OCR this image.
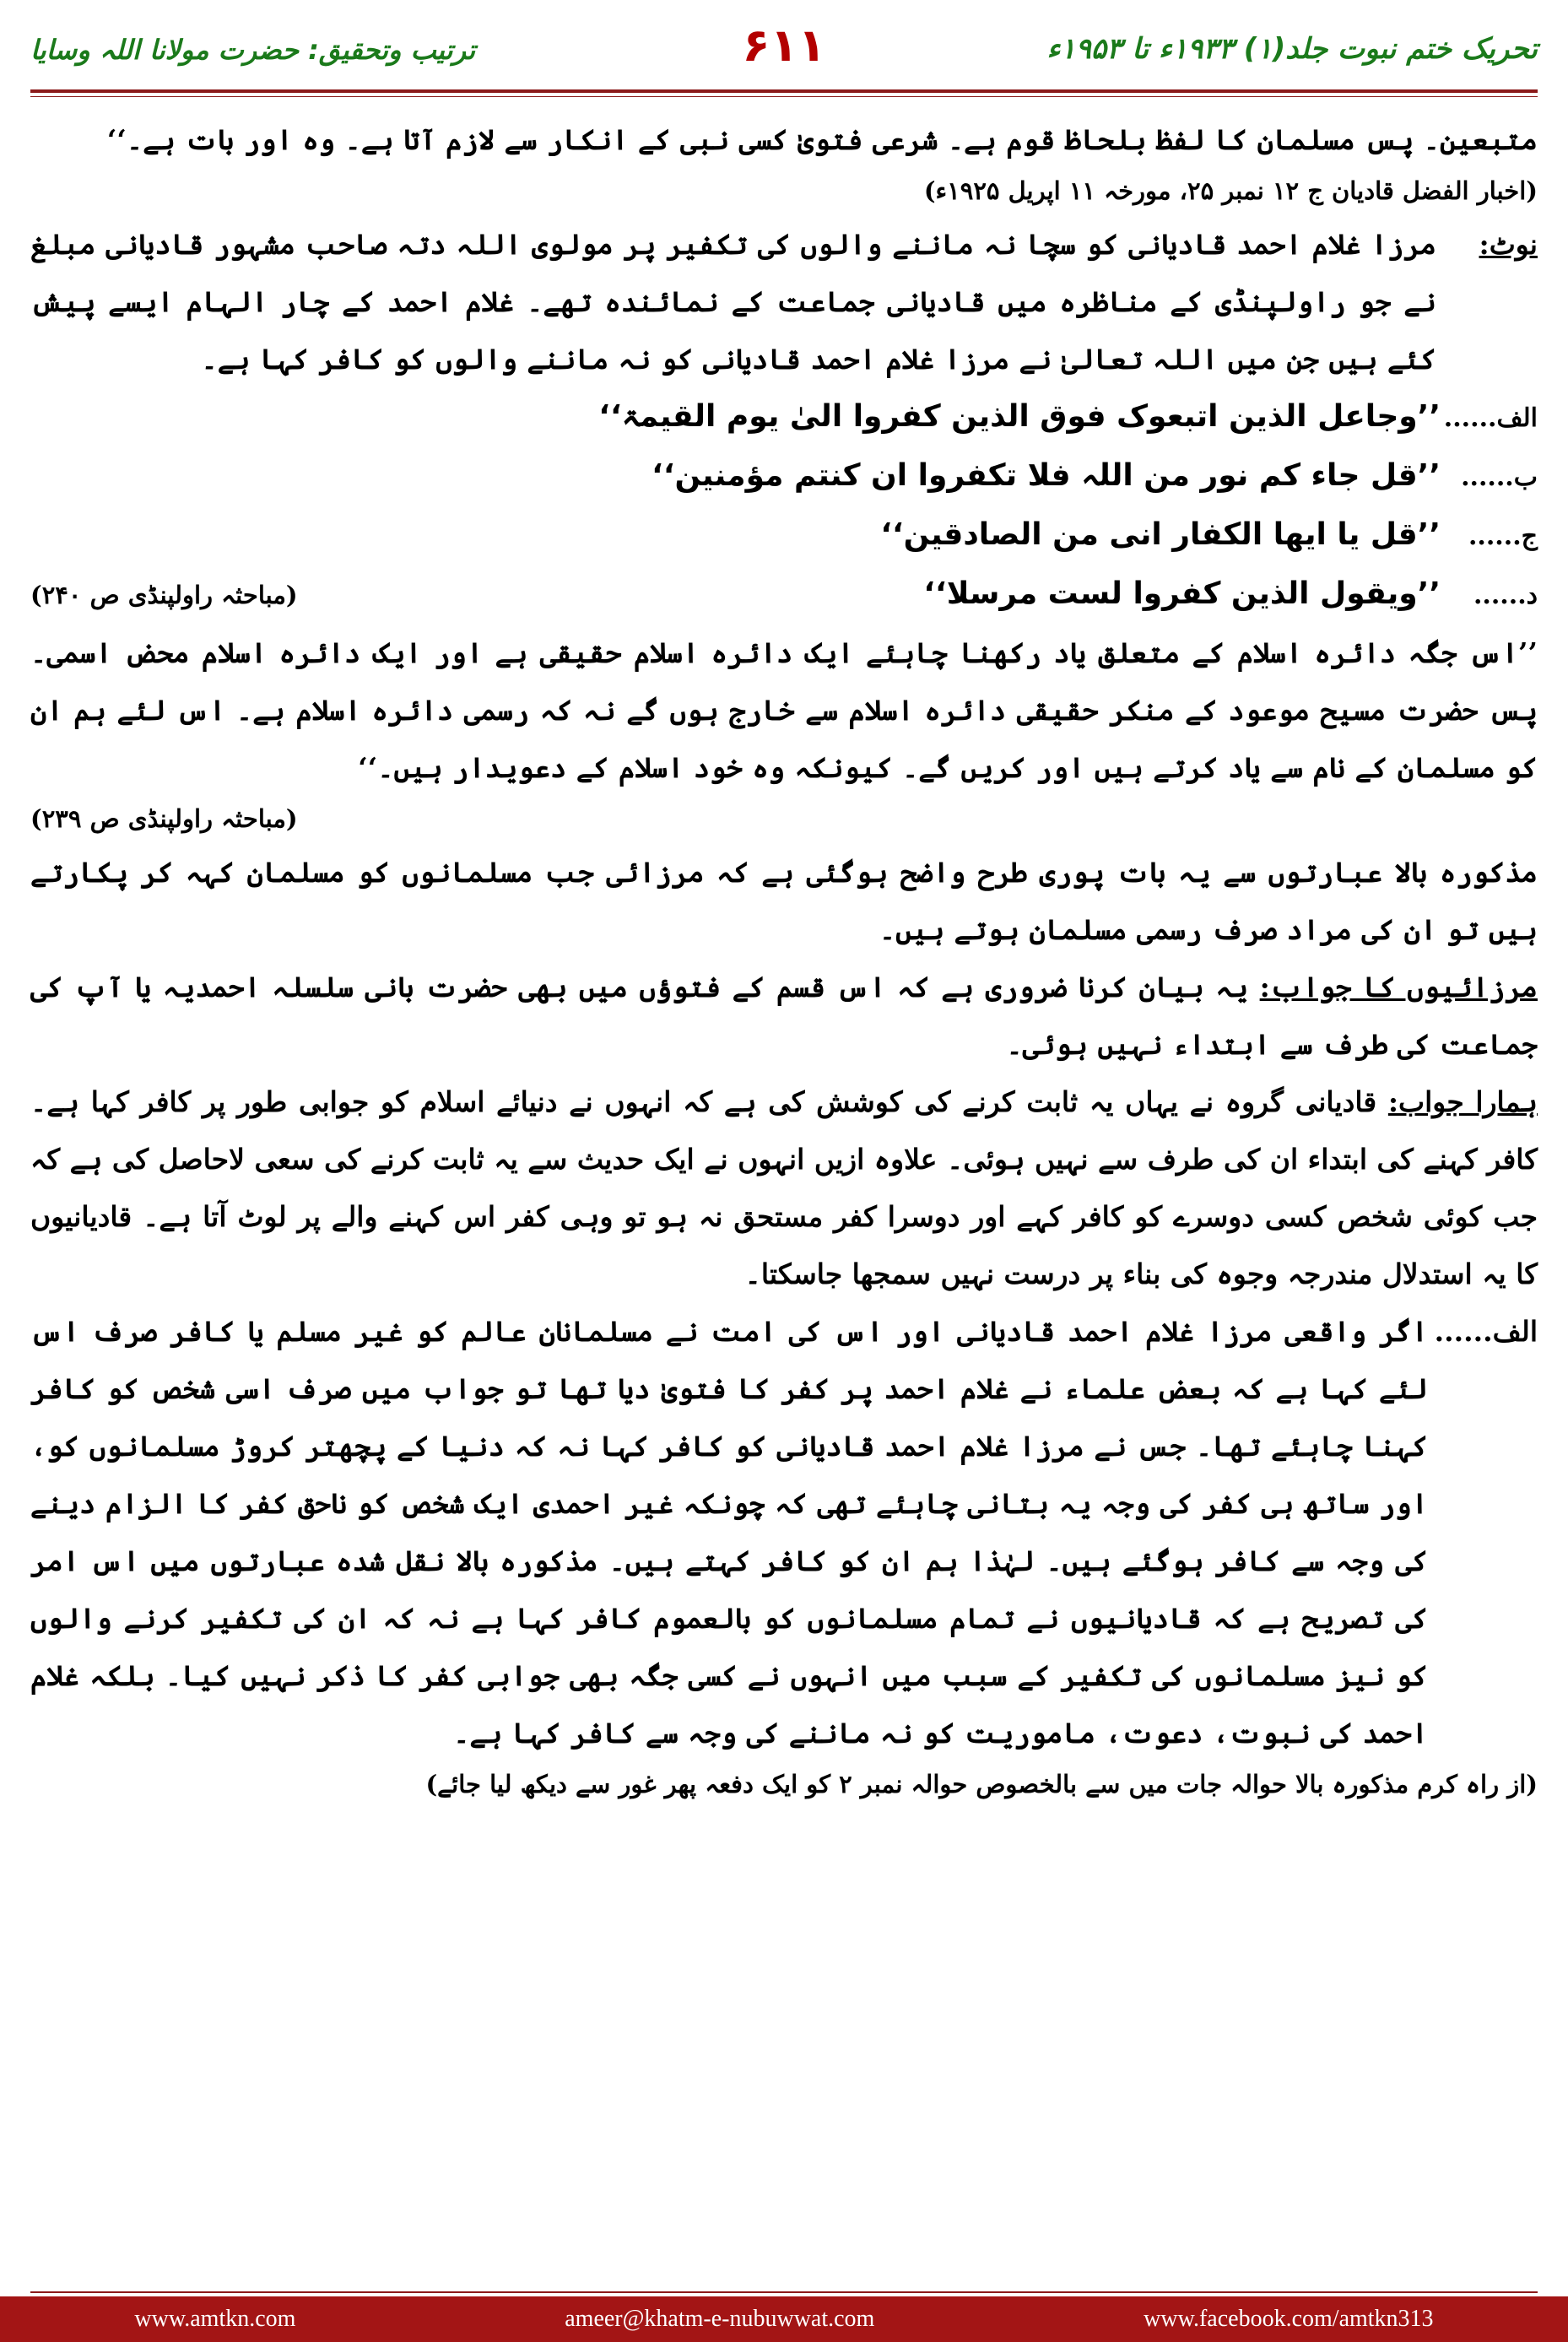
تحریک ختم نبوت جلد(۱) ۱۹۳۳ء تا ۱۹۵۳ء
۶۱۱
ترتیب وتحقیق: حضرت مولانا اللہ وسایا

متبعین۔ پس مسلمان کا لفظ بلحاظ قوم ہے۔ شرعی فتویٰ کسی نبی کے انکار سے لازم آتا ہے۔ وہ اور بات ہے۔‘‘

(اخبار الفضل قادیان ج ۱۲ نمبر ۲۵، مورخہ ۱۱ اپریل ۱۹۲۵ء)

نوٹ:
مرزا غلام احمد قادیانی کو سچا نہ ماننے والوں کی تکفیر پر مولوی اللہ دتہ صاحب مشہور قادیانی مبلغ نے جو راولپنڈی کے مناظرہ میں قادیانی جماعت کے نمائندہ تھے۔ غلام احمد کے چار الہام ایسے پیش کئے ہیں جن میں اللہ تعالیٰ نے مرزا غلام احمد قادیانی کو نہ ماننے والوں کو کافر کہا ہے۔
الف......
’’وجاعل الذین اتبعوک فوق الذین کفروا الیٰ یوم القیمۃ‘‘
ب......
’’قل جاء کم نور من اللہ فلا تکفروا ان کنتم مؤمنین‘‘
ج......
’’قل یا ایھا الکفار انی من الصادقین‘‘
د......
’’ویقول الذین کفروا لست مرسلا‘‘
(مباحثہ راولپنڈی ص ۲۴۰)

’’اس جگہ دائرہ اسلام کے متعلق یاد رکھنا چاہئے ایک دائرہ اسلام حقیقی ہے اور ایک دائرہ اسلام محض اسمی۔ پس حضرت مسیح موعود کے منکر حقیقی دائرہ اسلام سے خارج ہوں گے نہ کہ رسمی دائرہ اسلام ہے۔ اس لئے ہم ان کو مسلمان کے نام سے یاد کرتے ہیں اور کریں گے۔ کیونکہ وہ خود اسلام کے دعویدار ہیں۔‘‘

(مباحثہ راولپنڈی ص ۲۳۹)

مذکورہ بالا عبارتوں سے یہ بات پوری طرح واضح ہوگئی ہے کہ مرزائی جب مسلمانوں کو مسلمان کہہ کر پکارتے ہیں تو ان کی مراد صرف رسمی مسلمان ہوتے ہیں۔

مرزائیوں کا جواب: یہ بیان کرنا ضروری ہے کہ اس قسم کے فتوؤں میں بھی حضرت بانی سلسلہ احمدیہ یا آپ کی جماعت کی طرف سے ابتداء نہیں ہوئی۔

ہمارا جواب: قادیانی گروہ نے یہاں یہ ثابت کرنے کی کوشش کی ہے کہ انہوں نے دنیائے اسلام کو جوابی طور پر کافر کہا ہے۔ کافر کہنے کی ابتداء ان کی طرف سے نہیں ہوئی۔ علاوہ ازیں انہوں نے ایک حدیث سے یہ ثابت کرنے کی سعی لاحاصل کی ہے کہ جب کوئی شخص کسی دوسرے کو کافر کہے اور دوسرا کفر مستحق نہ ہو تو وہی کفر اس کہنے والے پر لوٹ آتا ہے۔ قادیانیوں کا یہ استدلال مندرجہ وجوہ کی بناء پر درست نہیں سمجھا جاسکتا۔

الف......
اگر واقعی مرزا غلام احمد قادیانی اور اس کی امت نے مسلمانان عالم کو غیر مسلم یا کافر صرف اس لئے کہا ہے کہ بعض علماء نے غلام احمد پر کفر کا فتویٰ دیا تھا تو جواب میں صرف اسی شخص کو کافر کہنا چاہئے تھا۔ جس نے مرزا غلام احمد قادیانی کو کافر کہا نہ کہ دنیا کے پچھتر کروڑ مسلمانوں کو، اور ساتھ ہی کفر کی وجہ یہ بتانی چاہئے تھی کہ چونکہ غیر احمدی ایک شخص کو ناحق کفر کا الزام دینے کی وجہ سے کافر ہوگئے ہیں۔ لہٰذا ہم ان کو کافر کہتے ہیں۔ مذکورہ بالا نقل شدہ عبارتوں میں اس امر کی تصریح ہے کہ قادیانیوں نے تمام مسلمانوں کو بالعموم کافر کہا ہے نہ کہ ان کی تکفیر کرنے والوں کو نیز مسلمانوں کی تکفیر کے سبب میں انہوں نے کسی جگہ بھی جوابی کفر کا ذکر نہیں کیا۔ بلکہ غلام احمد کی نبوت، دعوت، ماموریت کو نہ ماننے کی وجہ سے کافر کہا ہے۔

(از راہ کرم مذکورہ بالا حوالہ جات میں سے بالخصوص حوالہ نمبر ۲ کو ایک دفعہ پھر غور سے دیکھ لیا جائے)

www.amtkn.com	ameer@khatm-e-nubuwwat.com	www.facebook.com/amtkn313
